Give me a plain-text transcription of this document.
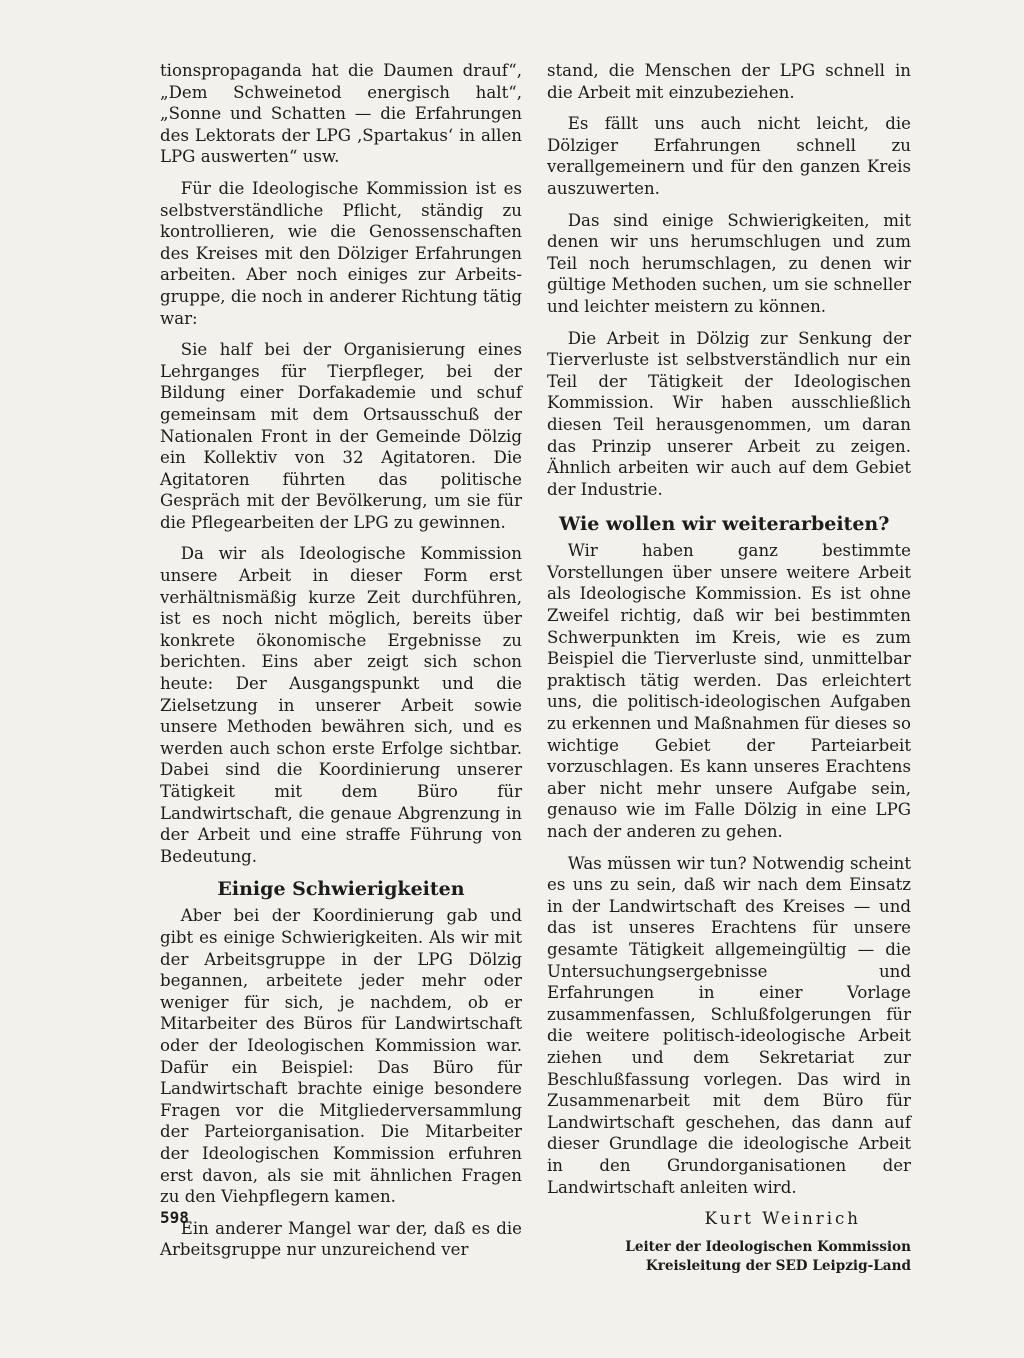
tionspropaganda hat die Daumen drauf“, „Dem Schweinetod energisch halt“, „Sonne und Schatten — die Erfahrungen des Lektorats der LPG ‚Spartakus‘ in allen LPG auswerten“ usw.

Für die Ideologische Kommission ist es selbstverständliche Pflicht, ständig zu kontrollieren, wie die Genossenschaften des Kreises mit den Dölziger Erfahrungen arbeiten. Aber noch einiges zur Arbeitsgruppe, die noch in anderer Richtung tätig war:

Sie half bei der Organisierung eines Lehrganges für Tierpfleger, bei der Bildung einer Dorfakademie und schuf gemeinsam mit dem Ortsausschuß der Nationalen Front in der Gemeinde Dölzig ein Kollektiv von 32 Agitatoren. Die Agitatoren führten das politische Gespräch mit der Bevölkerung, um sie für die Pflegearbeiten der LPG zu gewinnen.

Da wir als Ideologische Kommission unsere Arbeit in dieser Form erst verhältnismäßig kurze Zeit durchführen, ist es noch nicht möglich, bereits über konkrete ökonomische Ergebnisse zu berichten. Eins aber zeigt sich schon heute: Der Ausgangspunkt und die Zielsetzung in unserer Arbeit sowie unsere Methoden bewähren sich, und es werden auch schon erste Erfolge sichtbar. Dabei sind die Koordinierung unserer Tätigkeit mit dem Büro für Landwirtschaft, die genaue Abgrenzung in der Arbeit und eine straffe Führung von Bedeutung.

Einige Schwierigkeiten

Aber bei der Koordinierung gab und gibt es einige Schwierigkeiten. Als wir mit der Arbeitsgruppe in der LPG Dölzig begannen, arbeitete jeder mehr oder weniger für sich, je nachdem, ob er Mitarbeiter des Büros für Landwirtschaft oder der Ideologischen Kommission war. Dafür ein Beispiel: Das Büro für Landwirtschaft brachte einige besondere Fragen vor die Mitgliederversammlung der Parteiorganisation. Die Mitarbeiter der Ideologischen Kommission erfuhren erst davon, als sie mit ähnlichen Fragen zu den Viehpflegern kamen.

Ein anderer Mangel war der, daß es die Arbeitsgruppe nur unzureichend ver

stand, die Menschen der LPG schnell in die Arbeit mit einzubeziehen.

Es fällt uns auch nicht leicht, die Dölziger Erfahrungen schnell zu verallgemeinern und für den ganzen Kreis auszuwerten.

Das sind einige Schwierigkeiten, mit denen wir uns herumschlugen und zum Teil noch herumschlagen, zu denen wir gültige Methoden suchen, um sie schneller und leichter meistern zu können.

Die Arbeit in Dölzig zur Senkung der Tierverluste ist selbstverständlich nur ein Teil der Tätigkeit der Ideologischen Kommission. Wir haben ausschließlich diesen Teil herausgenommen, um daran das Prinzip unserer Arbeit zu zeigen. Ähnlich arbeiten wir auch auf dem Gebiet der Industrie.

Wie wollen wir weiterarbeiten?

Wir haben ganz bestimmte Vorstellungen über unsere weitere Arbeit als Ideologische Kommission. Es ist ohne Zweifel richtig, daß wir bei bestimmten Schwerpunkten im Kreis, wie es zum Beispiel die Tierverluste sind, unmittelbar praktisch tätig werden. Das erleichtert uns, die politisch-ideologischen Aufgaben zu erkennen und Maßnahmen für dieses so wichtige Gebiet der Parteiarbeit vorzuschlagen. Es kann unseres Erachtens aber nicht mehr unsere Aufgabe sein, genauso wie im Falle Dölzig in eine LPG nach der anderen zu gehen.

Was müssen wir tun? Notwendig scheint es uns zu sein, daß wir nach dem Einsatz in der Landwirtschaft des Kreises — und das ist unseres Erachtens für unsere gesamte Tätigkeit allgemeingültig — die Untersuchungsergebnisse und Erfahrungen in einer Vorlage zusammenfassen, Schlußfolgerungen für die weitere politisch-ideologische Arbeit ziehen und dem Sekretariat zur Beschlußfassung vorlegen. Das wird in Zusammenarbeit mit dem Büro für Landwirtschaft geschehen, das dann auf dieser Grundlage die ideologische Arbeit in den Grundorganisationen der Landwirtschaft anleiten wird.

Kurt Weinrich
Leiter der Ideologischen Kommission
Kreisleitung der SED Leipzig-Land
598
